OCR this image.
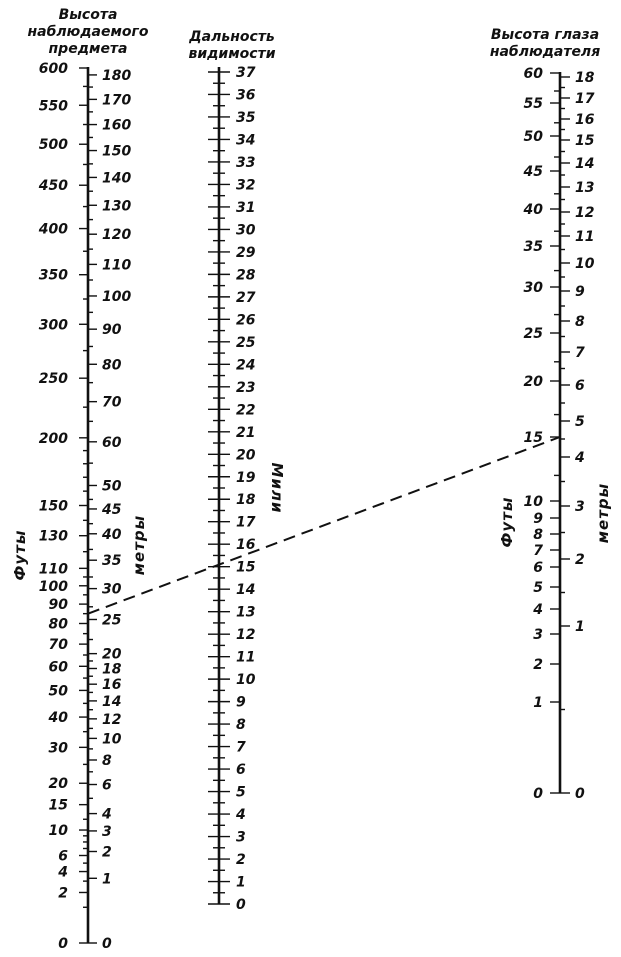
Высота
наблюдаемого
предмета
0
2
4
6
10
15
20
30
40
50
60
70
80
90
100
110
130
150
200
250
300
350
400
450
500
550
600
0
1
2
3
4
6
8
10
12
14
16
18
20
25
30
35
40
45
50
60
70
80
90
100
110
120
130
140
150
160
170
180
Футы	метры
Дальность
видимости
0
1
2
3
4
5
6
7
8
9
10
11
12
13
14
15
16
17
18
19
20
21
22
23
24
25
26
27
28
29
30
31
32
33
34
35
36
37
Мили
Высота глаза
наблюдателя
0
1
2
3
4
5
6
7
8
9
10
15
20
25
30
35
40
45
50
55
60
0
1
2
3
4
5
6
7
8
9
10
11
12
13
14
15
16
17
18
Футы	метры
